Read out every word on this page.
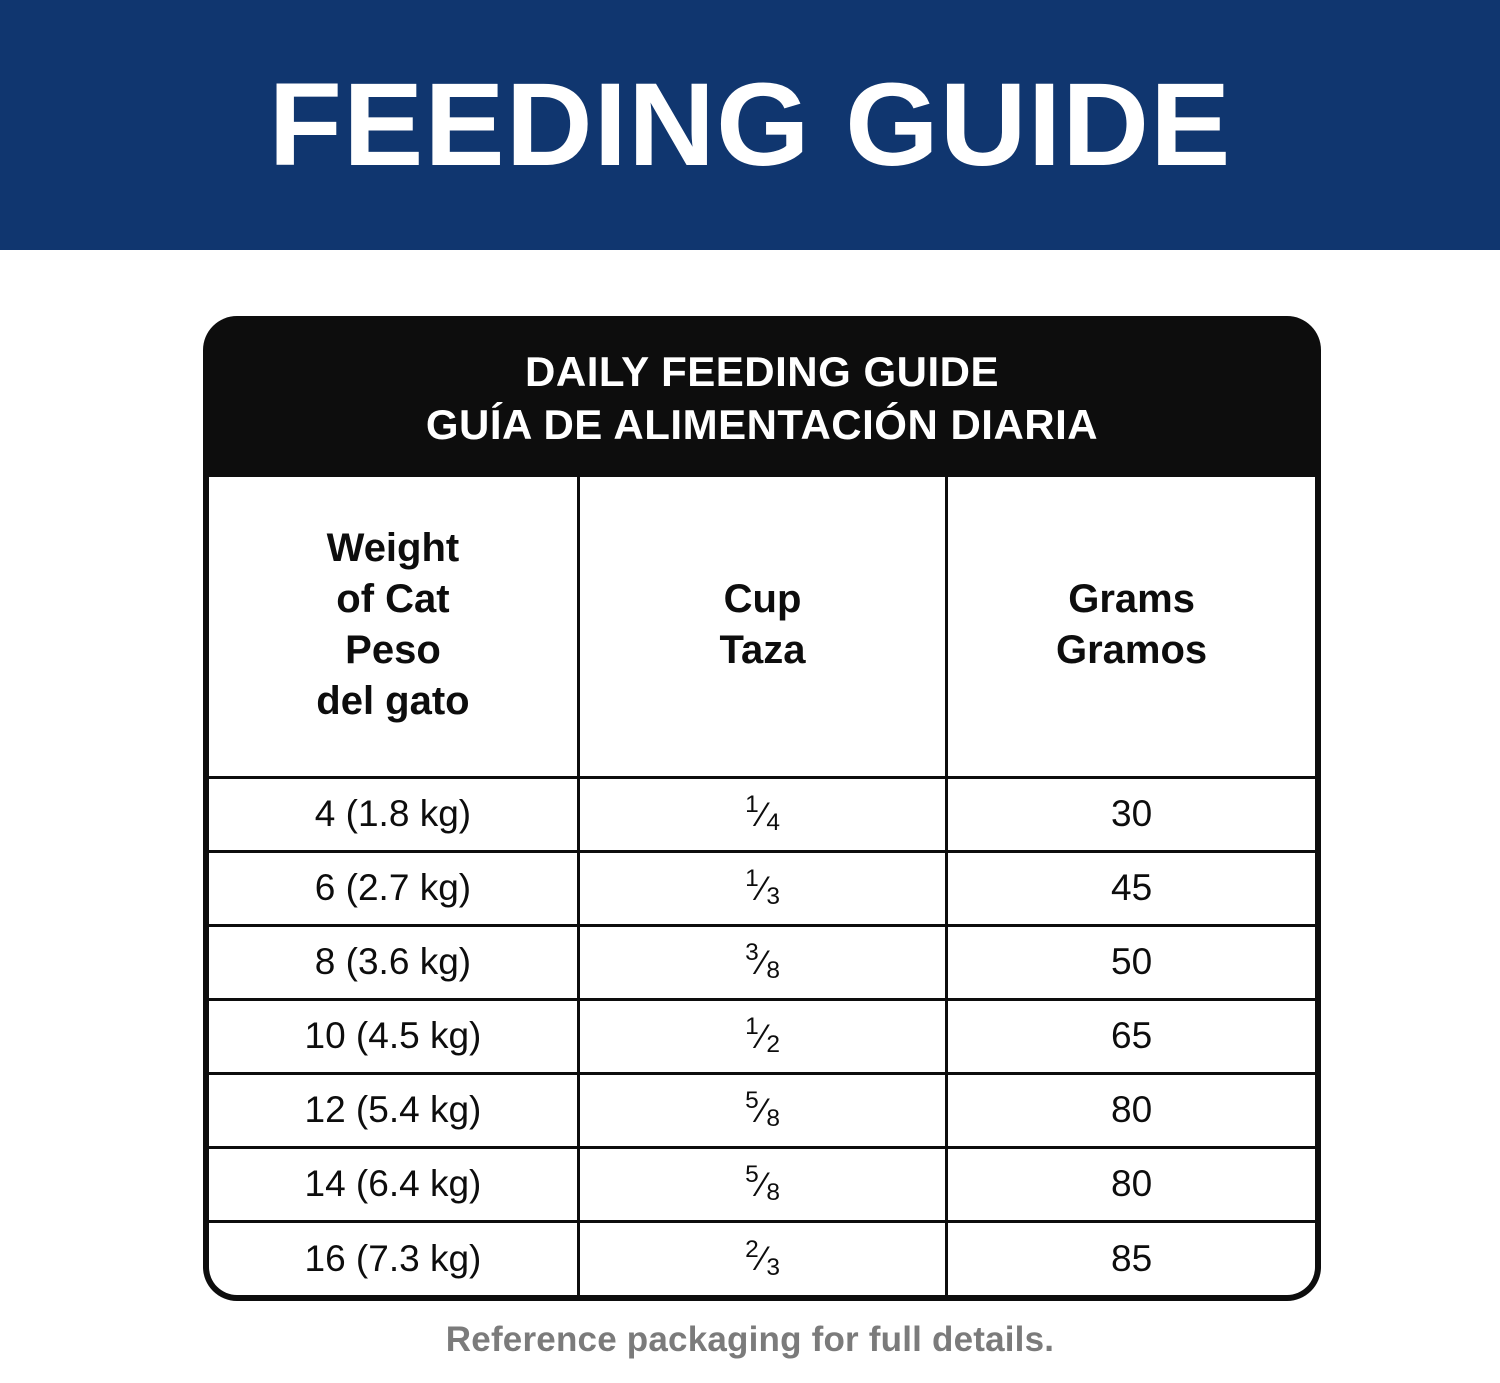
FEEDING GUIDE
DAILY FEEDING GUIDE
GUÍA DE ALIMENTACIÓN DIARIA
Weight
of Cat
Peso
del gato

Cup
Taza

Grams
Gramos

4 (1.8 kg)	$^1⁄_4$	30
6 (2.7 kg)	$^1⁄_3$	45
8 (3.6 kg)	$^3⁄_8$	50
10 (4.5 kg)	$^1⁄_2$	65
12 (5.4 kg)	$^5⁄_8$	80
14 (6.4 kg)	$^5⁄_8$	80
16 (7.3 kg)	$^2⁄_3$	85
Reference packaging for full details.
